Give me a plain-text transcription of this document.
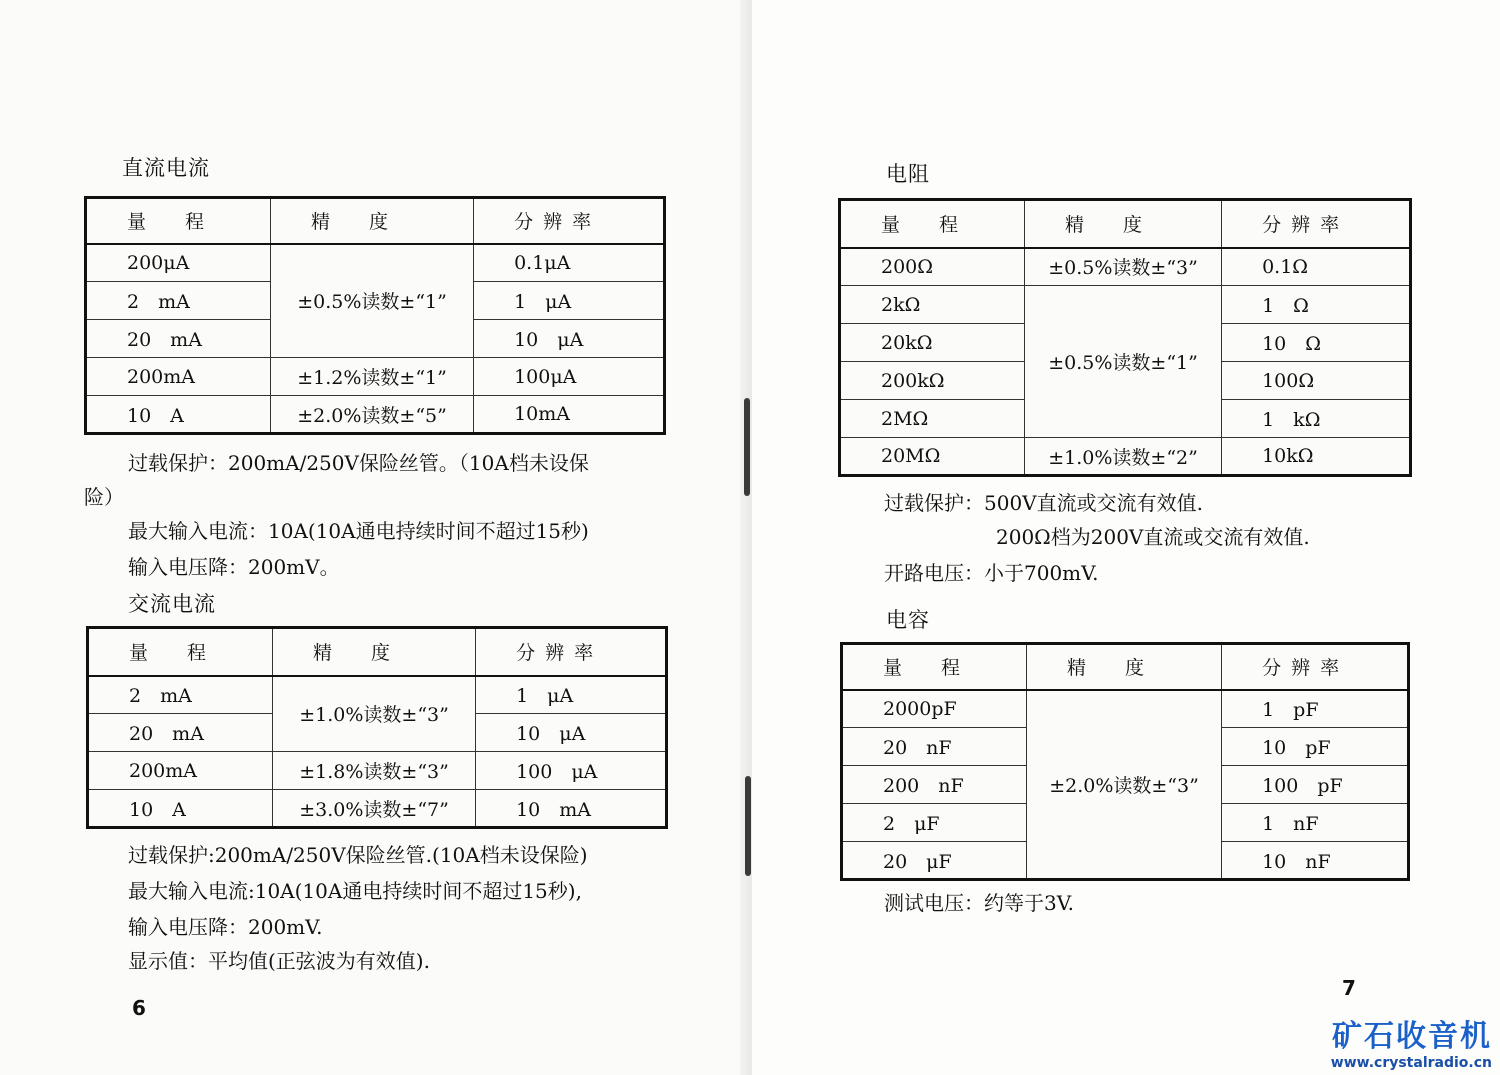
直流电流
量　程	精　度	分辨率
200μA	±0.5%读数±“1”	0.1μA
2　mA		1　μA
20　mA		10　μA
200mA	±1.2%读数±“1”	100μA
10　A	±2.0%读数±“5”	10mA
过载保护：200mA/250V保险丝管。（10A档未设保
险）
最大输入电流：10A(10A通电持续时间不超过15秒)
输入电压降：200mV。
交流电流
量　程	精　度	分辨率
2　mA	±1.0%读数±“3”	1　μA
20　mA		10　μA
200mA	±1.8%读数±“3”	100　μA
10　A	±3.0%读数±“7”	10　mA
过载保护:200mA/250V保险丝管.(10A档未设保险)
最大输入电流:10A(10A通电持续时间不超过15秒),
输入电压降：200mV.
显示值：平均值(正弦波为有效值).
6
电阻
量　程	精　度	分辨率
200Ω	±0.5%读数±“3”	0.1Ω
2kΩ	±0.5%读数±“1”	1　Ω
20kΩ		10　Ω
200kΩ		100Ω
2MΩ		1　kΩ
20MΩ	±1.0%读数±“2”	10kΩ
过载保护：500V直流或交流有效值.
200Ω档为200V直流或交流有效值.
开路电压：小于700mV.
电容
量　程	精　度	分辨率
2000pF	±2.0%读数±“3”	1　pF
20　nF		10　pF
200　nF		100　pF
2　μF		1　nF
20　μF		10　nF
测试电压：约等于3V.
7
矿石收音机
www.crystalradio.cn
